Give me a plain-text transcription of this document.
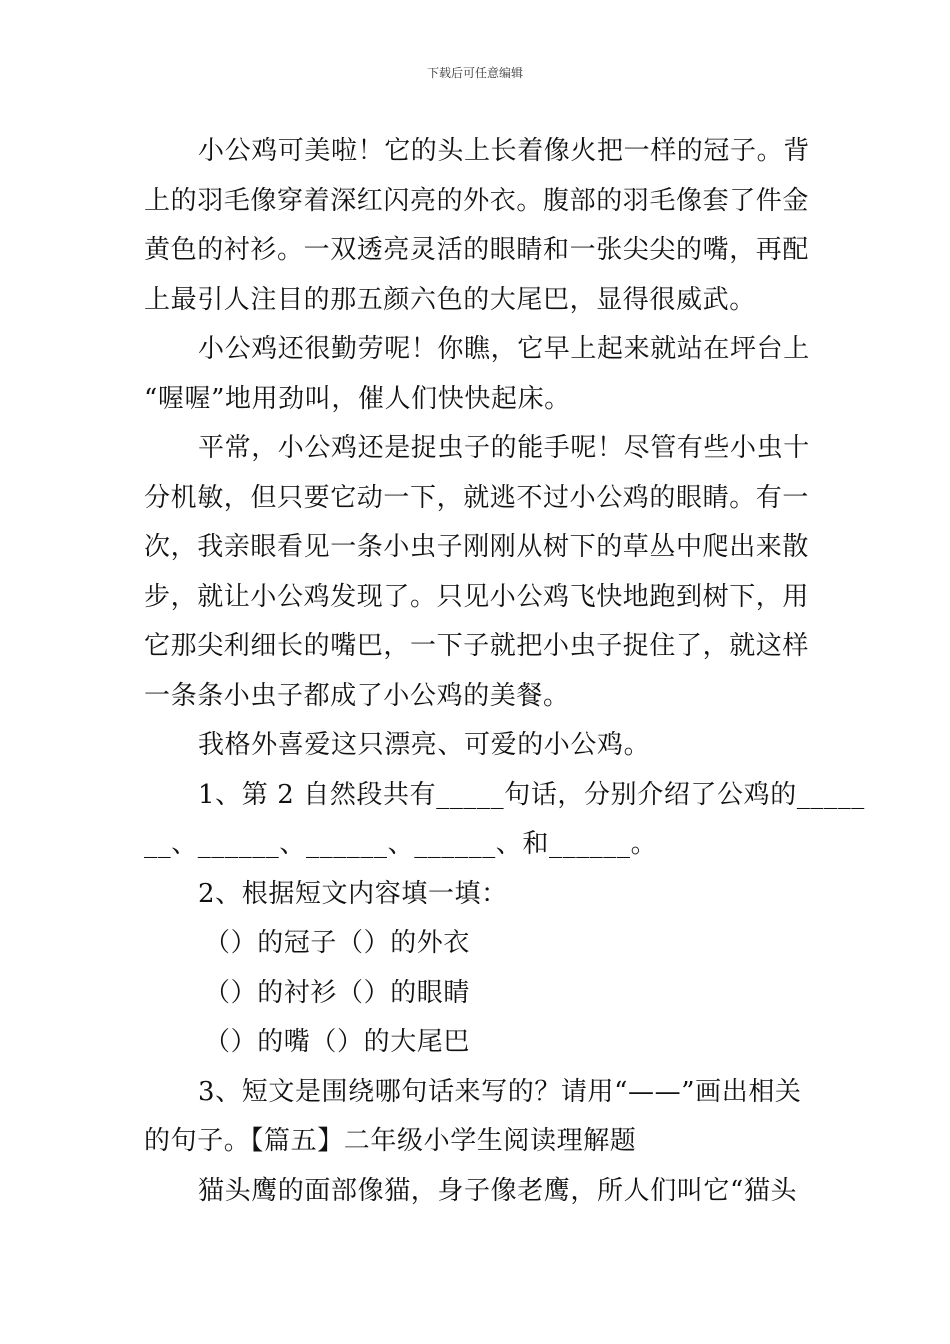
下载后可任意编辑
小公鸡可美啦！它的头上长着像火把一样的冠子。背
上的羽毛像穿着深红闪亮的外衣。腹部的羽毛像套了件金
黄色的衬衫。一双透亮灵活的眼睛和一张尖尖的嘴，再配
上最引人注目的那五颜六色的大尾巴，显得很威武。
小公鸡还很勤劳呢！你瞧，它早上起来就站在坪台上
“喔喔”地用劲叫，催人们快快起床。
平常，小公鸡还是捉虫子的能手呢！尽管有些小虫十
分机敏，但只要它动一下，就逃不过小公鸡的眼睛。有一
次，我亲眼看见一条小虫子刚刚从树下的草丛中爬出来散
步，就让小公鸡发现了。只见小公鸡飞快地跑到树下，用
它那尖利细长的嘴巴，一下子就把小虫子捉住了，就这样
一条条小虫子都成了小公鸡的美餐。
我格外喜爱这只漂亮、可爱的小公鸡。
1、第 2 自然段共有_____句话，分别介绍了公鸡的_____
__、______、______、______、和______。
2、根据短文内容填一填：
（）的冠子（）的外衣
（）的衬衫（）的眼睛
（）的嘴（）的大尾巴
3、短文是围绕哪句话来写的？请用“——”画出相关
的句子。【篇五】二年级小学生阅读理解题
猫头鹰的面部像猫，身子像老鹰，所人们叫它“猫头
